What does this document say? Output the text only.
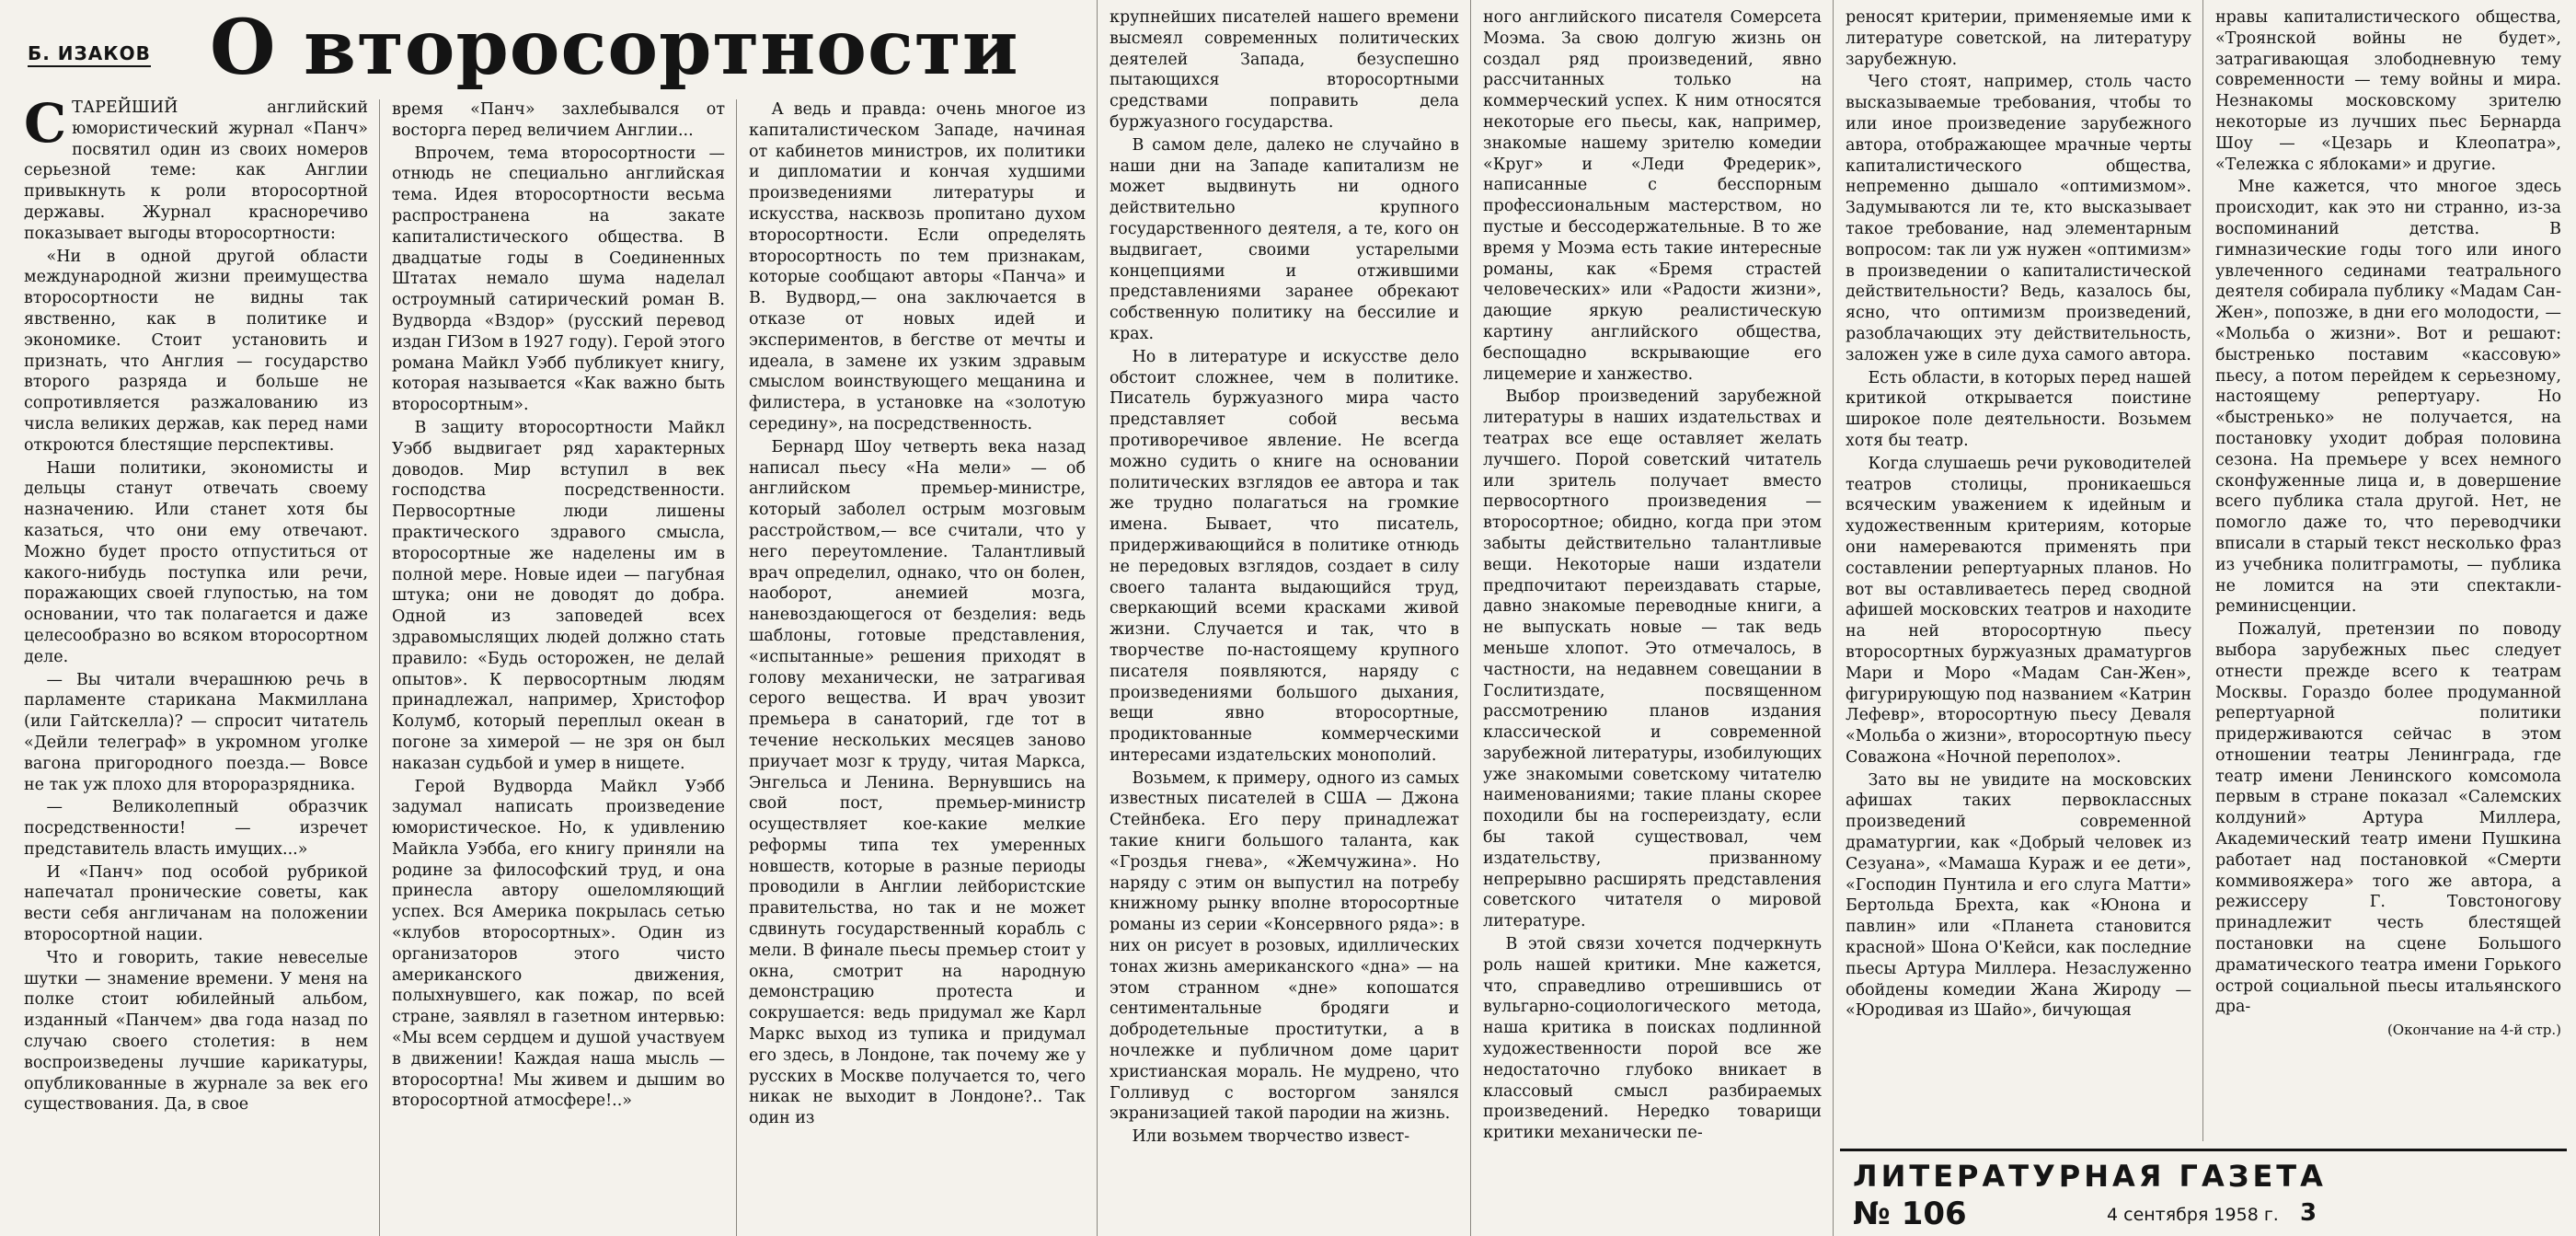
Б. ИЗАКОВ О второсортности

СТАРЕЙШИЙ английский юмористический журнал «Панч» посвятил один из своих номеров серьезной теме: как Англии привыкнуть к роли второсортной державы. Журнал красноречиво показывает выгоды второсортности:

«Ни в одной другой области международной жизни преимущества второсортности не видны так явственно, как в политике и экономике. Стоит установить и признать, что Англия — государство второго разряда и больше не сопротивляется разжалованию из числа великих держав, как перед нами откроются блестящие перспективы.

Наши политики, экономисты и дельцы станут отвечать своему назначению. Или станет хотя бы казаться, что они ему отвечают. Можно будет просто отпуститься от какого-нибудь поступка или речи, поражающих своей глупостью, на том основании, что так полагается и даже целесообразно во всяком второсортном деле.

— Вы читали вчерашнюю речь в парламенте старикана Макмиллана (или Гайтскелла)? — спросит читатель «Дейли телеграф» в укромном уголке вагона пригородного поезда.— Вовсе не так уж плохо для второразрядника.

— Великолепный образчик посредственности! — изречет представитель власть имущих...»

И «Панч» под особой рубрикой напечатал пронические советы, как вести себя англичанам на положении второсортной нации.

Что и говорить, такие невеселые шутки — знамение времени. У меня на полке стоит юбилейный альбом, изданный «Панчем» два года назад по случаю своего столетия: в нем воспроизведены лучшие карикатуры, опубликованные в журнале за век его существования. Да, в свое

время «Панч» захлебывался от восторга перед величием Англии...

Впрочем, тема второсортности — отнюдь не специально английская тема. Идея второсортности весьма распространена на закате капиталистического общества. В двадцатые годы в Соединенных Штатах немало шума наделал остроумный сатирический роман В. Вудворда «Вздор» (русский перевод издан ГИЗом в 1927 году). Герой этого романа Майкл Уэбб публикует книгу, которая называется «Как важно быть второсортным».

В защиту второсортности Майкл Уэбб выдвигает ряд характерных доводов. Мир вступил в век господства посредственности. Первосортные люди лишены практического здравого смысла, второсортные же наделены им в полной мере. Новые идеи — пагубная штука; они не доводят до добра. Одной из заповедей всех здравомыслящих людей должно стать правило: «Будь осторожен, не делай опытов». К первосортным людям принадлежал, например, Христофор Колумб, который переплыл океан в погоне за химерой — не зря он был наказан судьбой и умер в нищете.

Герой Вудворда Майкл Уэбб задумал написать произведение юмористическое. Но, к удивлению Майкла Уэбба, его книгу приняли на родине за философский труд, и она принесла автору ошеломляющий успех. Вся Америка покрылась сетью «клубов второсортных». Один из организаторов этого чисто американского движения, полыхнувшего, как пожар, по всей стране, заявлял в газетном интервью: «Мы всем сердцем и душой участвуем в движении! Каждая наша мысль — второсортна! Мы живем и дышим во второсортной атмосфере!..»

А ведь и правда: очень многое из капиталистическом Западе, начиная от кабинетов министров, их политики и дипломатии и кончая худшими произведениями литературы и искусства, насквозь пропитано духом второсортности. Если определять второсортность по тем признакам, которые сообщают авторы «Панча» и В. Вудворд,— она заключается в отказе от новых идей и экспериментов, в бегстве от мечты и идеала, в замене их узким здравым смыслом воинствующего мещанина и филистера, в установке на «золотую середину», на посредственность.

Бернард Шоу четверть века назад написал пьесу «На мели» — об английском премьер-министре, который заболел острым мозговым расстройством,— все считали, что у него переутомление. Талантливый врач определил, однако, что он болен, наоборот, анемией мозга, наневоздающегося от безделия: ведь шаблоны, готовые представления, «испытанные» решения приходят в голову механически, не затрагивая серого вещества. И врач увозит премьера в санаторий, где тот в течение нескольких месяцев заново приучает мозг к труду, читая Маркса, Энгельса и Ленина. Вернувшись на свой пост, премьер-министр осуществляет кое-какие мелкие реформы типа тех умеренных новшеств, которые в разные периоды проводили в Англии лейбористские правительства, но так и не может сдвинуть государственный корабль с мели. В финале пьесы премьер стоит у окна, смотрит на народную демонстрацию протеста и сокрушается: ведь придумал же Карл Маркс выход из тупика и придумал его здесь, в Лондоне, так почему же у русских в Москве получается то, чего никак не выходит в Лондоне?.. Так один из

крупнейших писателей нашего времени высмеял современных политических деятелей Запада, безуспешно пытающихся второсортными средствами поправить дела буржуазного государства.

В самом деле, далеко не случайно в наши дни на Западе капитализм не может выдвинуть ни одного действительно крупного государственного деятеля, а те, кого он выдвигает, своими устарелыми концепциями и отжившими представлениями заранее обрекают собственную политику на бессилие и крах.

Но в литературе и искусстве дело обстоит сложнее, чем в политике. Писатель буржуазного мира часто представляет собой весьма противоречивое явление. Не всегда можно судить о книге на основании политических взглядов ее автора и так же трудно полагаться на громкие имена. Бывает, что писатель, придерживающийся в политике отнюдь не передовых взглядов, создает в силу своего таланта выдающийся труд, сверкающий всеми красками живой жизни. Случается и так, что в творчестве по-настоящему крупного писателя появляются, наряду с произведениями большого дыхания, вещи явно второсортные, продиктованные коммерческими интересами издательских монополий.

Возьмем, к примеру, одного из самых известных писателей в США — Джона Стейнбека. Его перу принадлежат такие книги большого таланта, как «Гроздья гнева», «Жемчужина». Но наряду с этим он выпустил на потребу книжному рынку вполне второсортные романы из серии «Консервного ряда»: в них он рисует в розовых, идиллических тонах жизнь американского «дна» — на этом странном «дне» копошатся сентиментальные бродяги и добродетельные проститутки, а в ночлежке и публичном доме царит христианская мораль. Не мудрено, что Голливуд с восторгом занялся экранизацией такой пародии на жизнь.

Или возьмем творчество извест-

ного английского писателя Сомерсета Моэма. За свою долгую жизнь он создал ряд произведений, явно рассчитанных только на коммерческий успех. К ним относятся некоторые его пьесы, как, например, знакомые нашему зрителю комедии «Круг» и «Леди Фредерик», написанные с бесспорным профессиональным мастерством, но пустые и бессодержательные. В то же время у Моэма есть такие интересные романы, как «Бремя страстей человеческих» или «Радости жизни», дающие яркую реалистическую картину английского общества, беспощадно вскрывающие его лицемерие и ханжество.

Выбор произведений зарубежной литературы в наших издательствах и театрах все еще оставляет желать лучшего. Порой советский читатель или зритель получает вместо первосортного произведения — второсортное; обидно, когда при этом забыты действительно талантливые вещи. Некоторые наши издатели предпочитают переиздавать старые, давно знакомые переводные книги, а не выпускать новые — так ведь меньше хлопот. Это отмечалось, в частности, на недавнем совещании в Гослитиздате, посвященном рассмотрению планов издания классической и современной зарубежной литературы, изобилующих уже знакомыми советскому читателю наименованиями; такие планы скорее походили бы на госпереиздату, если бы такой существовал, чем издательству, призванному непрерывно расширять представления советского читателя о мировой литературе.

В этой связи хочется подчеркнуть роль нашей критики. Мне кажется, что, справедливо отрешившись от вульгарно-социологического метода, наша критика в поисках подлинной художественности порой все же недостаточно глубоко вникает в классовый смысл разбираемых произведений. Нередко товарищи критики механически пе-

реносят критерии, применяемые ими к литературе советской, на литературу зарубежную.

Чего стоят, например, столь часто высказываемые требования, чтобы то или иное произведение зарубежного автора, отображающее мрачные черты капиталистического общества, непременно дышало «оптимизмом». Задумываются ли те, кто высказывает такое требование, над элементарным вопросом: так ли уж нужен «оптимизм» в произведении о капиталистической действительности? Ведь, казалось бы, ясно, что оптимизм произведений, разоблачающих эту действительность, заложен уже в силе духа самого автора.

Есть области, в которых перед нашей критикой открывается поистине широкое поле деятельности. Возьмем хотя бы театр.

Когда слушаешь речи руководителей театров столицы, проникаешься всяческим уважением к идейным и художественным критериям, которые они намереваются применять при составлении репертуарных планов. Но вот вы оставливаетесь перед сводной афишей московских театров и находите на ней второсортную пьесу второсортных буржуазных драматургов Мари и Моро «Мадам Сан-Жен», фигурирующую под названием «Катрин Лефевр», второсортную пьесу Деваля «Мольба о жизни», второсортную пьесу Соважона «Ночной переполох».

Зато вы не увидите на московских афишах таких первоклассных произведений современной драматургии, как «Добрый человек из Сезуана», «Мамаша Кураж и ее дети», «Господин Пунтила и его слуга Матти» Бертольда Брехта, как «Юнона и павлин» или «Планета становится красной» Шона О'Кейси, как последние пьесы Артура Миллера. Незаслуженно обойдены комедии Жана Жироду — «Юродивая из Шайо», бичующая

нравы капиталистического общества, «Троянской войны не будет», затрагивающая злободневную тему современности — тему войны и мира. Незнакомы московскому зрителю некоторые из лучших пьес Бернарда Шоу — «Цезарь и Клеопатра», «Тележка с яблоками» и другие.

Мне кажется, что многое здесь происходит, как это ни странно, из-за воспоминаний детства. В гимназические годы того или иного увлеченного сединами театрального деятеля собирала публику «Мадам Сан-Жен», попозже, в дни его молодости, — «Мольба о жизни». Вот и решают: быстренько поставим «кассовую» пьесу, а потом перейдем к серьезному, настоящему репертуару. Но «быстренько» не получается, на постановку уходит добрая половина сезона. На премьере у всех немного сконфуженные лица и, в довершение всего публика стала другой. Нет, не помогло даже то, что переводчики вписали в старый текст несколько фраз из учебника политграмоты, — публика не ломится на эти спектакли-реминисценции.

Пожалуй, претензии по поводу выбора зарубежных пьес следует отнести прежде всего к театрам Москвы. Гораздо более продуманной репертуарной политики придерживаются сейчас в этом отношении театры Ленинграда, где театр имени Ленинского комсомола первым в стране показал «Салемских колдуний» Артура Миллера, Академический театр имени Пушкина работает над постановкой «Смерти коммивояжера» того же автора, а режиссеру Г. Товстоногову принадлежит честь блестящей постановки на сцене Большого драматического театра имени Горького острой социальной пьесы итальянского дра-

(Окончание на 4-й стр.)

ЛИТЕРАТУРНАЯ ГАЗЕТА
№ 106	4 сентября 1958 г. 3
